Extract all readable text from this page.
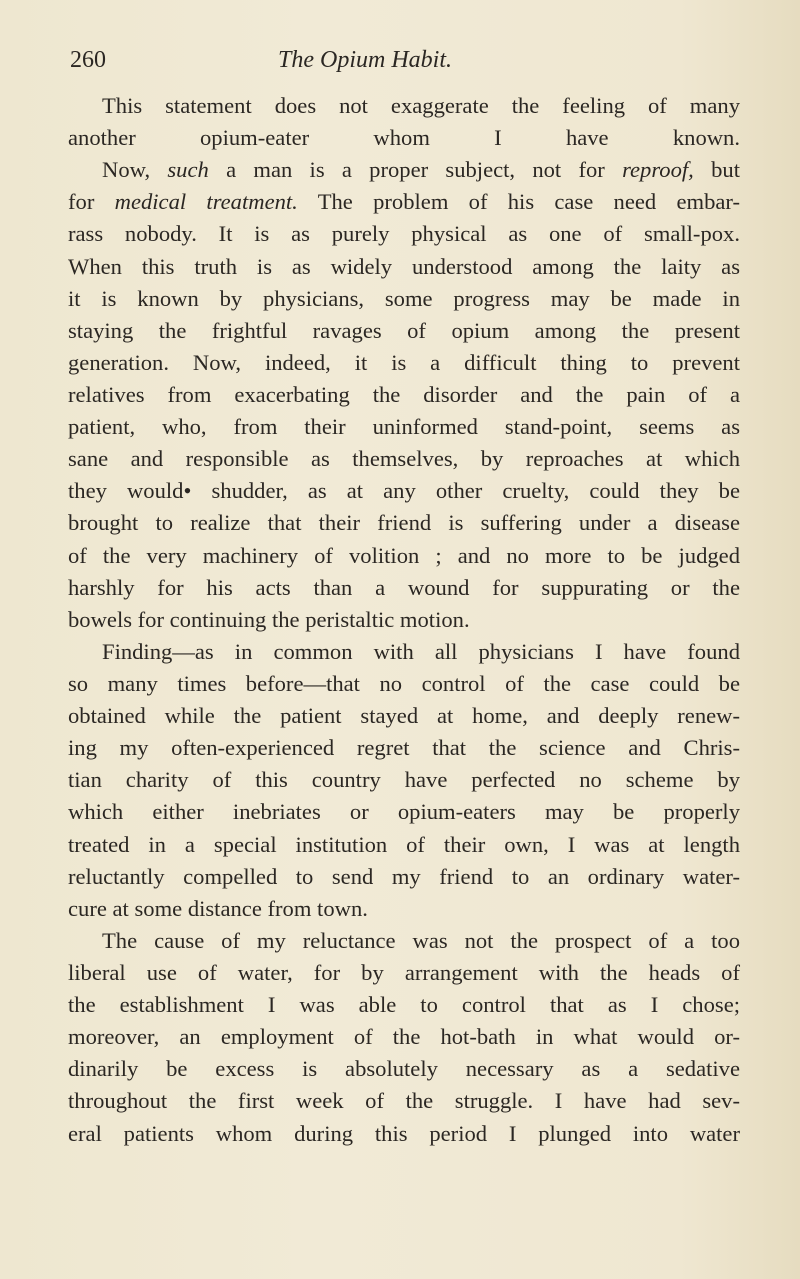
260	The Opium Habit.
This statement does not exaggerate the feeling of many
another opium-eater whom I have known.
Now, such a man is a proper subject, not for reproof, but
for medical treatment. The problem of his case need embar-
rass nobody. It is as purely physical as one of small-pox.
When this truth is as widely understood among the laity as
it is known by physicians, some progress may be made in
staying the frightful ravages of opium among the present
generation. Now, indeed, it is a difficult thing to prevent
relatives from exacerbating the disorder and the pain of a
patient, who, from their uninformed stand-point, seems as
sane and responsible as themselves, by reproaches at which
they would• shudder, as at any other cruelty, could they be
brought to realize that their friend is suffering under a disease
of the very machinery of volition ; and no more to be judged
harshly for his acts than a wound for suppurating or the
bowels for continuing the peristaltic motion.
Finding—as in common with all physicians I have found
so many times before—that no control of the case could be
obtained while the patient stayed at home, and deeply renew-
ing my often-experienced regret that the science and Chris-
tian charity of this country have perfected no scheme by
which either inebriates or opium-eaters may be properly
treated in a special institution of their own, I was at length
reluctantly compelled to send my friend to an ordinary water-
cure at some distance from town.
The cause of my reluctance was not the prospect of a too
liberal use of water, for by arrangement with the heads of
the establishment I was able to control that as I chose;
moreover, an employment of the hot-bath in what would or-
dinarily be excess is absolutely necessary as a sedative
throughout the first week of the struggle. I have had sev-
eral patients whom during this period I plunged into water
